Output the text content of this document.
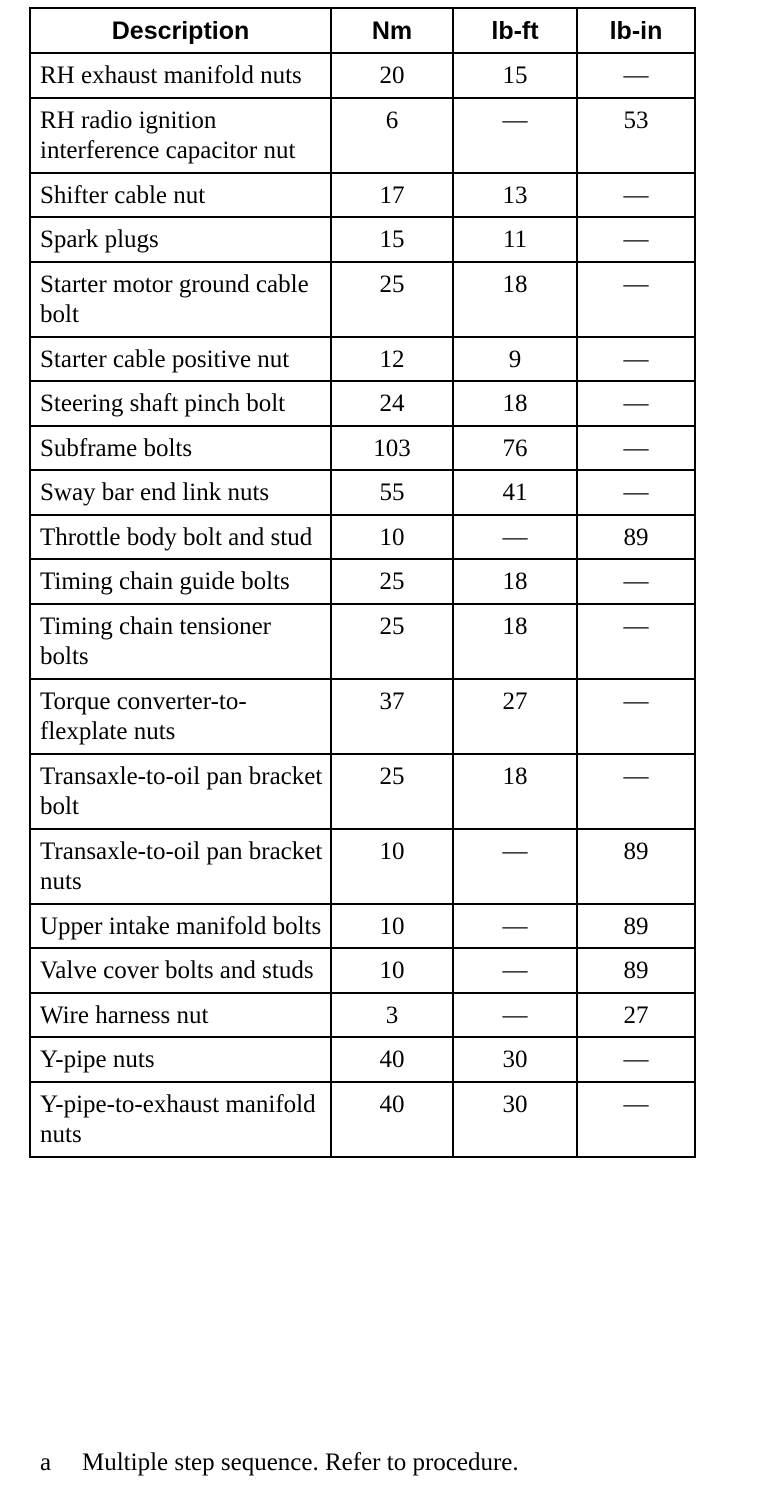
Description	Nm	lb-ft	lb-in
RH exhaust manifold nuts	20	15	—
RH radio ignition interference capacitor nut	6	—	53
Shifter cable nut	17	13	—
Spark plugs	15	11	—
Starter motor ground cable bolt	25	18	—
Starter cable positive nut	12	9	—
Steering shaft pinch bolt	24	18	—
Subframe bolts	103	76	—
Sway bar end link nuts	55	41	—
Throttle body bolt and stud	10	—	89
Timing chain guide bolts	25	18	—
Timing chain tensioner bolts	25	18	—
Torque converter-to-flexplate nuts	37	27	—
Transaxle-to-oil pan bracket bolt	25	18	—
Transaxle-to-oil pan bracket nuts	10	—	89
Upper intake manifold bolts	10	—	89
Valve cover bolts and studs	10	—	89
Wire harness nut	3	—	27
Y-pipe nuts	40	30	—
Y-pipe-to-exhaust manifold nuts	40	30	—
a Multiple step sequence. Refer to procedure.
